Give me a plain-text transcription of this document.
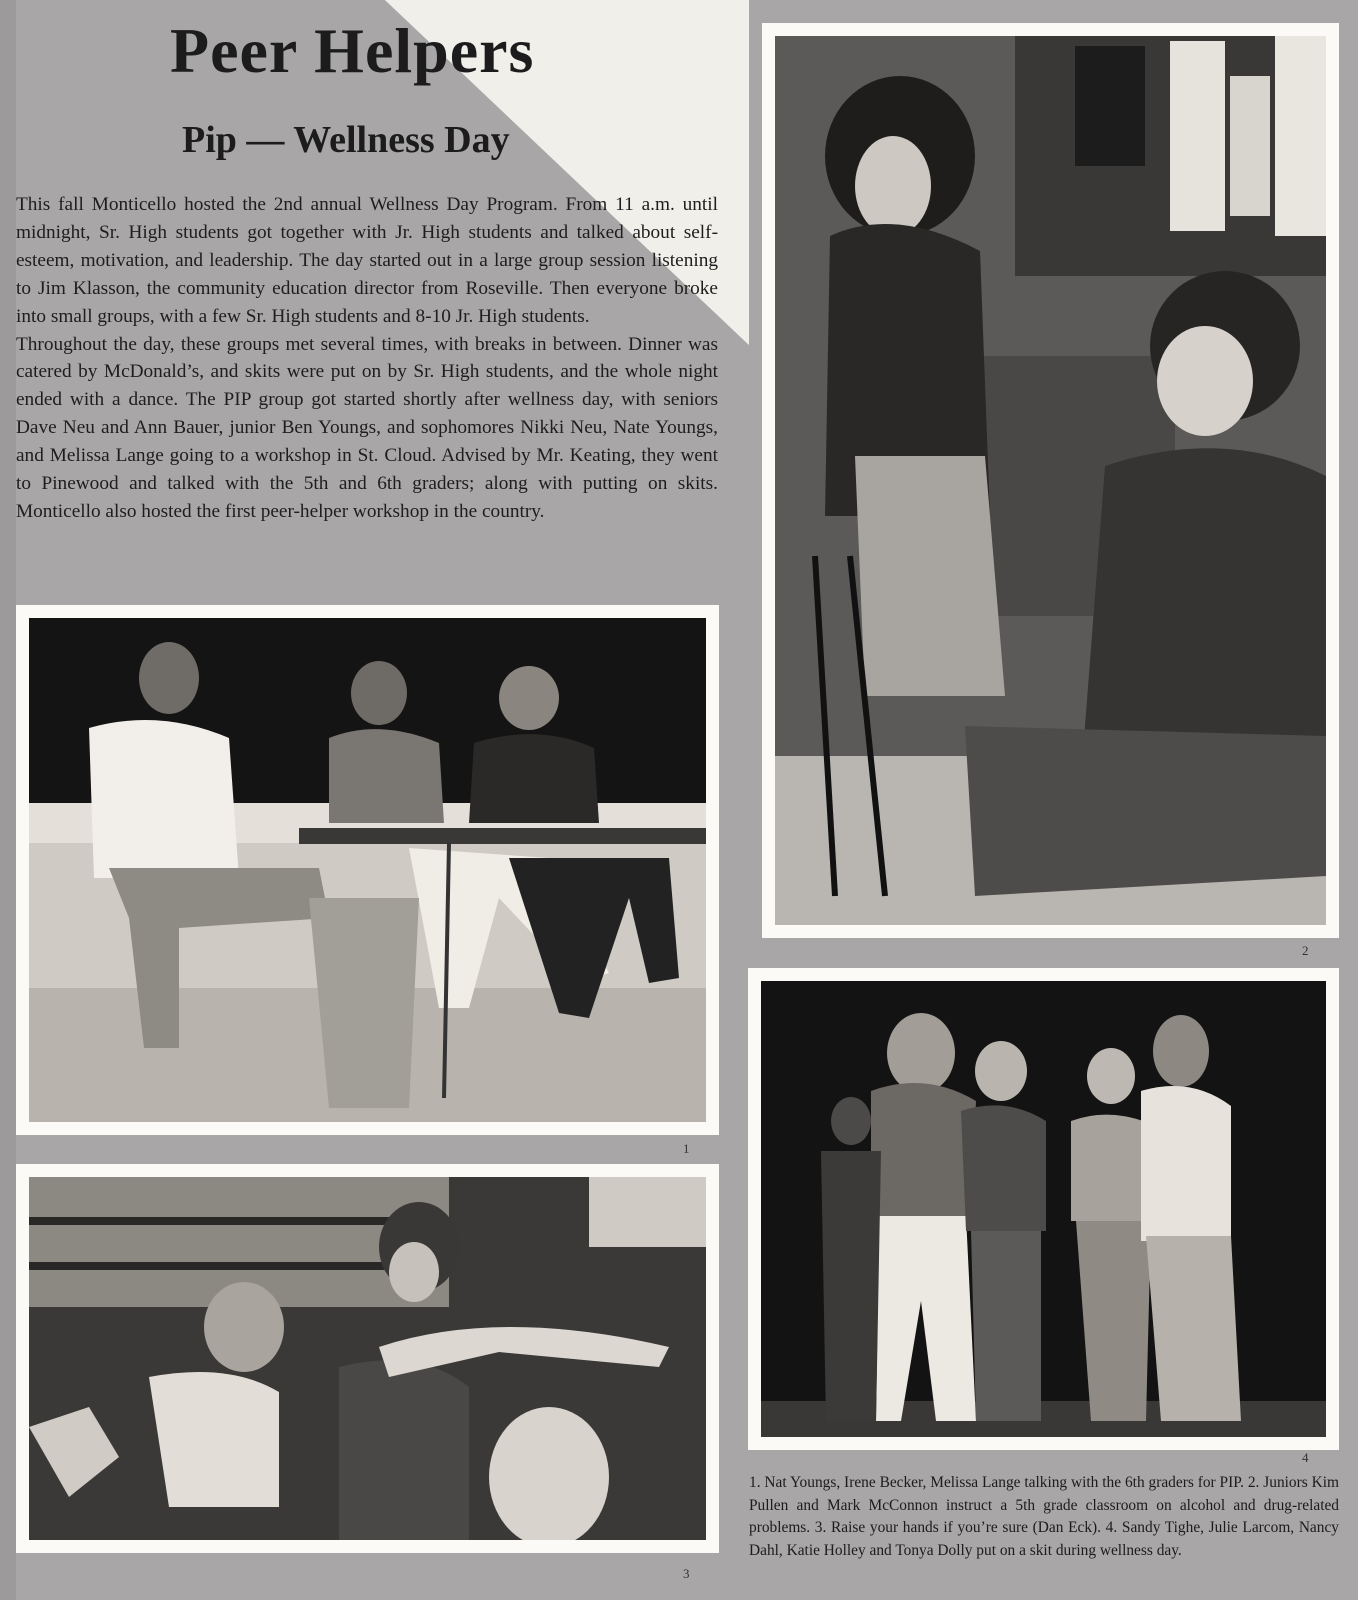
Peer Helpers
Pip — Wellness Day

This fall Monticello hosted the 2nd annual Wellness Day Program. From 11 a.m. until midnight, Sr. High students got together with Jr. High students and talked about self-esteem, motivation, and leadership. The day started out in a large group session listening to Jim Klasson, the community education director from Roseville. Then everyone broke into small groups, with a few Sr. High students and 8-10 Jr. High students.

Throughout the day, these groups met several times, with breaks in between. Dinner was catered by McDonald’s, and skits were put on by Sr. High students, and the whole night ended with a dance. The PIP group got started shortly after wellness day, with seniors Dave Neu and Ann Bauer, junior Ben Youngs, and sophomores Nikki Neu, Nate Youngs, and Melissa Lange going to a workshop in St. Cloud. Advised by Mr. Keating, they went to Pinewood and talked with the 5th and 6th graders; along with putting on skits. Monticello also hosted the first peer-helper workshop in the country.

2
1
3
4

1. Nat Youngs, Irene Becker, Melissa Lange talking with the 6th graders for PIP. 2. Juniors Kim Pullen and Mark McConnon instruct a 5th grade classroom on alcohol and drug-related problems. 3. Raise your hands if you’re sure (Dan Eck). 4. Sandy Tighe, Julie Larcom, Nancy Dahl, Katie Holley and Tonya Dolly put on a skit during wellness day.
